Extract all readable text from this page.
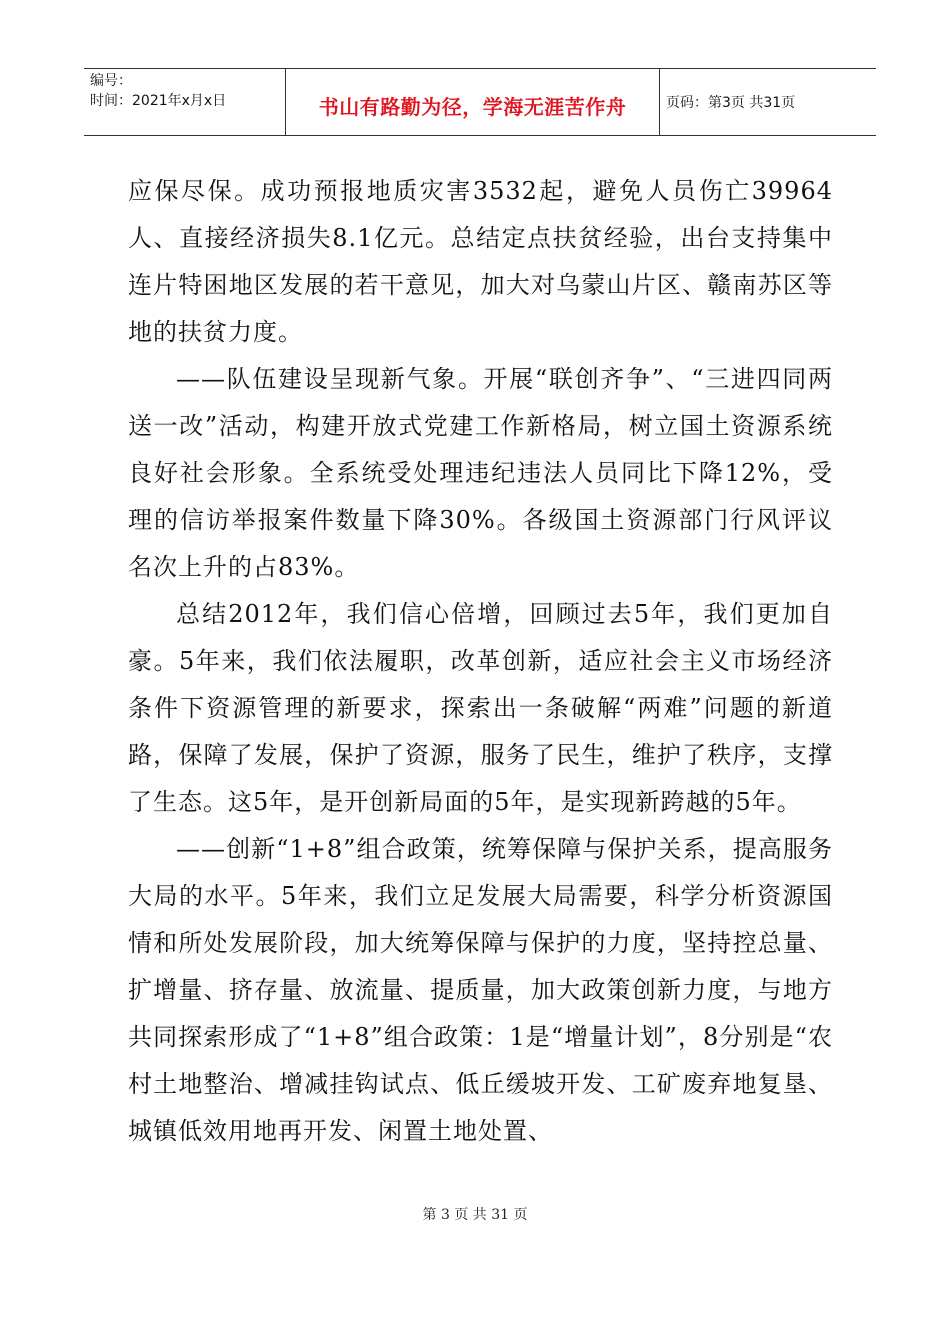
编号：
时间：2021年x月x日	书山有路勤为径，学海无涯苦作舟	页码：第3页 共31页

应保尽保。成功预报地质灾害3532起，避免人员伤亡39964人、直接经济损失8.1亿元。总结定点扶贫经验，出台支持集中连片特困地区发展的若干意见，加大对乌蒙山片区、赣南苏区等地的扶贫力度。

——队伍建设呈现新气象。开展“联创齐争”、“三进四同两送一改”活动，构建开放式党建工作新格局，树立国土资源系统良好社会形象。全系统受处理违纪违法人员同比下降12%，受理的信访举报案件数量下降30%。各级国土资源部门行风评议名次上升的占83%。

总结2012年，我们信心倍增，回顾过去5年，我们更加自豪。5年来，我们依法履职，改革创新，适应社会主义市场经济条件下资源管理的新要求，探索出一条破解“两难”问题的新道路，保障了发展，保护了资源，服务了民生，维护了秩序，支撑了生态。这5年，是开创新局面的5年，是实现新跨越的5年。

——创新“1+8”组合政策，统筹保障与保护关系，提高服务大局的水平。5年来，我们立足发展大局需要，科学分析资源国情和所处发展阶段，加大统筹保障与保护的力度，坚持控总量、扩增量、挤存量、放流量、提质量，加大政策创新力度，与地方共同探索形成了“1+8”组合政策：1是“增量计划”，8分别是“农村土地整治、增减挂钩试点、低丘缓坡开发、工矿废弃地复垦、城镇低效用地再开发、闲置土地处置、

第 3 页 共 31 页
